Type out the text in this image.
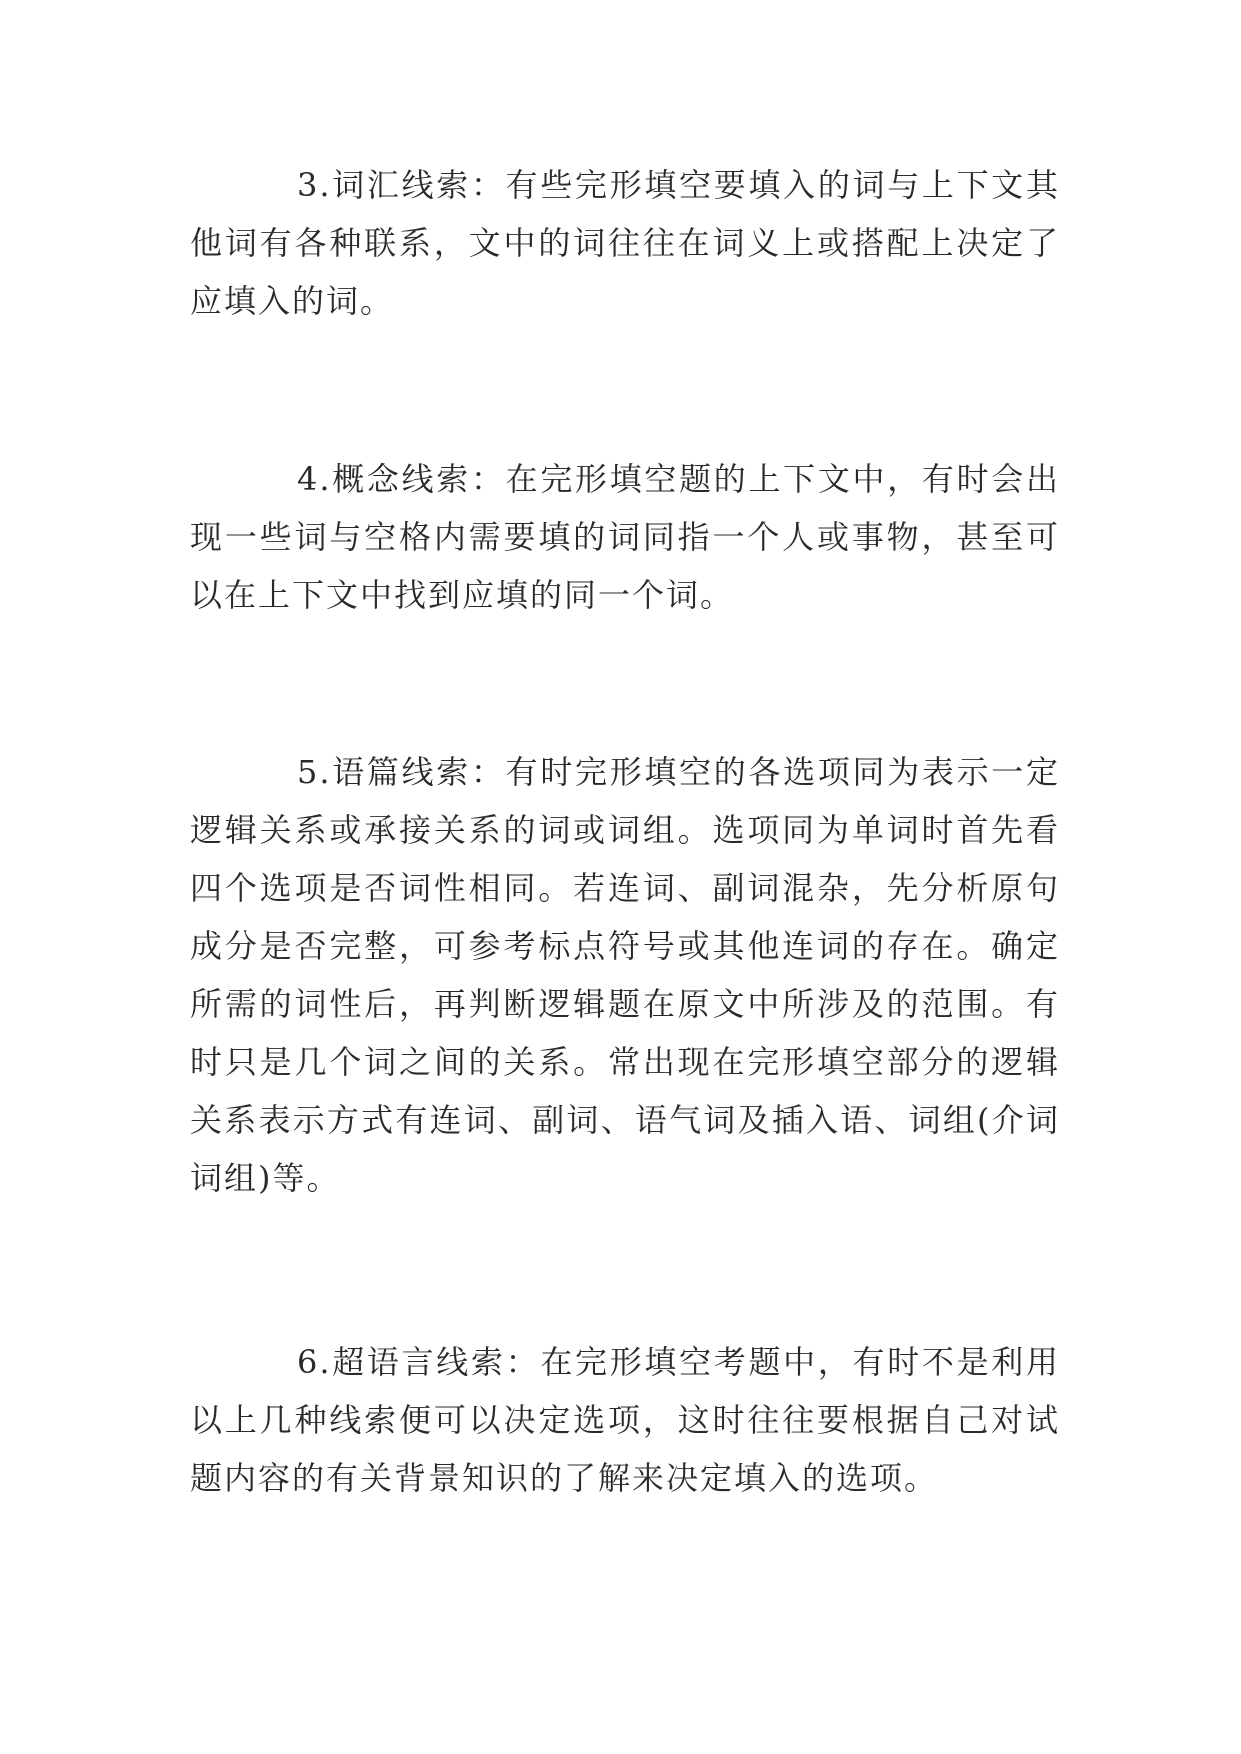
3.词汇线索：有些完形填空要填入的词与上下文其他词有各种联系，文中的词往往在词义上或搭配上决定了应填入的词。

4.概念线索：在完形填空题的上下文中，有时会出现一些词与空格内需要填的词同指一个人或事物，甚至可以在上下文中找到应填的同一个词。

5.语篇线索：有时完形填空的各选项同为表示一定逻辑关系或承接关系的词或词组。选项同为单词时首先看四个选项是否词性相同。若连词、副词混杂，先分析原句成分是否完整，可参考标点符号或其他连词的存在。确定所需的词性后，再判断逻辑题在原文中所涉及的范围。有时只是几个词之间的关系。常出现在完形填空部分的逻辑关系表示方式有连词、副词、语气词及插入语、词组(介词词组)等。

6.超语言线索：在完形填空考题中，有时不是利用以上几种线索便可以决定选项，这时往往要根据自己对试题内容的有关背景知识的了解来决定填入的选项。
